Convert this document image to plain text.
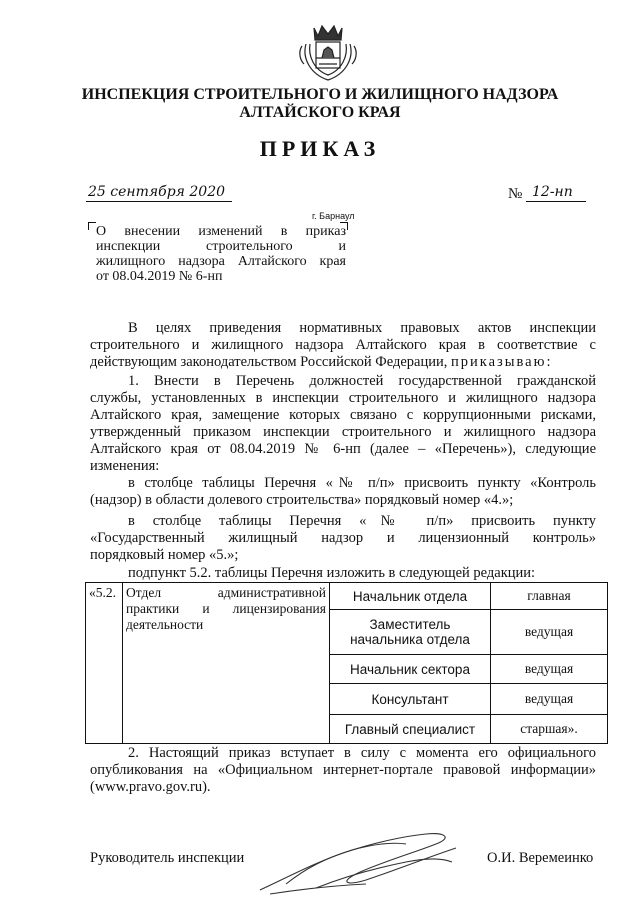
ИНСПЕКЦИЯ СТРОИТЕЛЬНОГО И ЖИЛИЩНОГО НАДЗОРА
АЛТАЙСКОГО КРАЯ
ПРИКАЗ
25 сентября 2020	№ 12-нп
г. Барнаул
О внесении изменений в приказ
инспекции строительного и
жилищного надзора Алтайского края
от 08.04.2019 № 6-нп

В целях приведения нормативных правовых актов инспекции

строительного и жилищного надзора Алтайского края в соответствие с

действующим законодательством Российской Федерации, приказываю:

1. Внести в Перечень должностей государственной гражданской

службы, установленных в инспекции строительного и жилищного надзора

Алтайского края, замещение которых связано с коррупционными рисками,

утвержденный приказом инспекции строительного и жилищного надзора

Алтайского края от 08.04.2019 № 6-нп (далее – «Перечень»), следующие

изменения:

в столбце таблицы Перечня «№ п/п» присвоить пункту «Контроль

(надзор) в области долевого строительства» порядковый номер «4.»;

в столбце таблицы Перечня «№ п/п» присвоить пункту

«Государственный жилищный надзор и лицензионный контроль»

порядковый номер «5.»;

подпункт 5.2. таблицы Перечня изложить в следующей редакции:

«5.2.	Отдел административной практики и лицензирования деятельности	Начальник отдела	главная
		Заместитель начальника отдела	ведущая
		Начальник сектора	ведущая
		Консультант	ведущая
		Главный специалист	старшая».

2. Настоящий приказ вступает в силу с момента его официального

опубликования на «Официальном интернет-портале правовой информации»

(www.pravo.gov.ru).

Руководитель инспекции	О.И. Веремеинко
